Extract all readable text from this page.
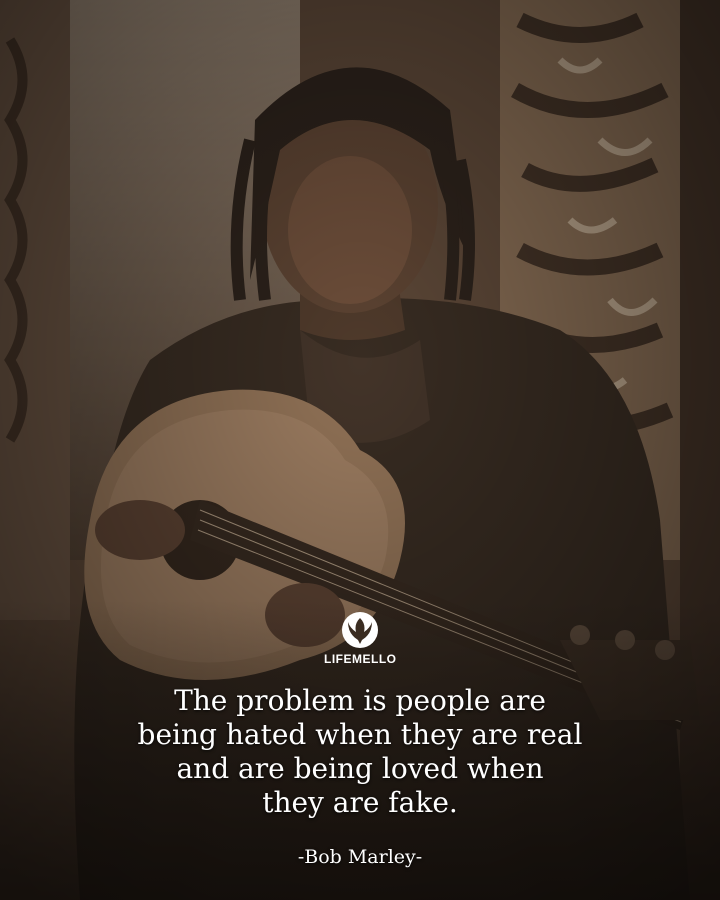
LIFEMELLO
The problem is people are
being hated when they are real
and are being loved when
they are fake.
-Bob Marley-
